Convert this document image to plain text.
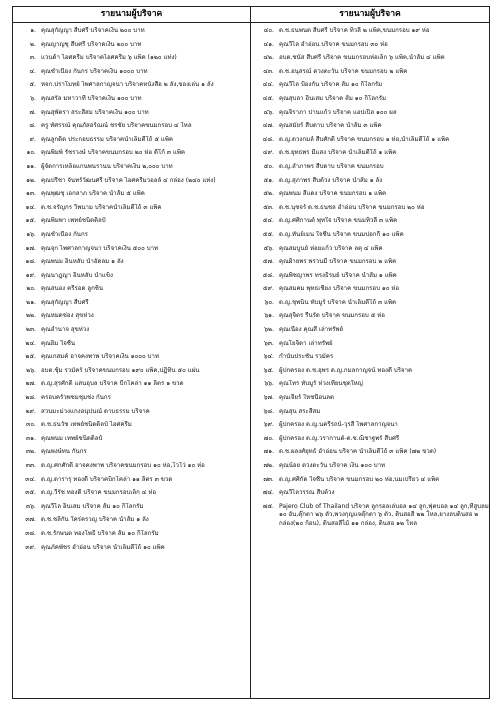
รายนามผู้บริจาค
๑. คุณสุกัญญา สืบศรี บริจาคเงิน ๒๐๐ บาท
๒. คุณญาญชุ สืบศรี บริจาคเงิน ๒๐๐ บาท
๓. แวนด้า ไอศครีม บริจาคไอศครีม ๖ แพ็ค (๑๒๐ แท่ง)
๔. คุณชำเนื้อง กันกร บริจาคเงิน ๑๐๐๐ บาท
๕. หจก.ปราโมทย์ ไพศาลกาญจนา บริจาคหนังสือ ๒ ลัง,ของเล่น ๑ ลัง
๖. คุณสรัล มหาวาที บริจาคเงิน ๑๐๐ บาท
๗. คุณสุพัตรา สระสีสม บริจาคเงิน ๑๐๐ บาท
๘. ครู ทัศรรณ์ คุณภัสอร์ณณ์ ชรชัย บริจาคขนมกรอบ ๔ โหล
๙. คุณลูกดิด ประกอบธรรม บริจาคน้ำเล็มตี้โถ้ ๕ แพ็ค
๑๐. คุณพิมพ์ รัชรวงษ์ บริจาคขนมกรอบ ๒๐ ห่อ ดีโก้ ๓ แพ็ค
๑๑. ผู้จัดการเหล็อแกนพนรานน บริจาคเงิน ๒,๐๐๐ บาท
๑๒. คุณปรีชา จันทร์วัฒนศรี บริจาค ไอศครีมวอลล์ ๔ กล่อง (๒๔๐ แท่ง)
๑๓. คุณพุฒชุ เอกลาภ บริจาค น้ำส้ม ๕ แพ็ค
๑๔. ด.ช.จรัญกร วิพนาม บริจาคน้ำเล็มตี้โถ้ ๓ แพ็ค
๑๕. คุณพิมพา เพทย์ชนิดดิลป์
๑๖. คุณชำเนื้อง กันกร
๑๗. คุณจุก ไพศาลกาญจนา บริจาคเงิน ๕๐๐ บาท
๑๘. คุณพนม อินหลับ น้ำอัดลม ๑ ลัง
๑๙. คุณนาฎญา อินหลับ น้ำแข็ง
๒๐. คุณสนอง ครีรอด ลูกชิ้น
๒๑. คุณสุกัญญา สืบศรี
๒๒. คุณหมดช่อง สุขห่วง
๒๓. คุณอำนาจ สุขห่วง
๒๔. คุณยิ้ม ใจชื่น
๒๕. คุณเกสมค์ อาจคงพาพ บริจาคเงิน ๑๐๐๐ บาท
๒๖. อบต.ชุ้ม รวมัคร์ บริจาคขนมกรอบ ๑๙๐ แพ็ค,ปฏิทิน ๕๐ แผ่น
๒๗. ด.ญ.สุรศักดิ์ แสนอุบล บริจาค บีกโคล่า ๑๑ ลิตร ๑ ขวด
๒๘. ครอบครัวพชมชุมช่ง กันกร
๒๙. สวนมะม่วงแกงอนุปนณ์ ดาบธรรม บริจาค
๓๐. ด.ช.ธนวัช เทพย์ชนิดดิลป์ ไอศครีม
๓๑. คุณพนม เทพย์ชนิดดิลป์
๓๒. คุณพงษ์ทน กันกร
๓๓. ด.ญ.ศกศักดิ์ อาจคงพาพ บริจาคขนมกรอบ ๑๐ ห่อ,โวโว่ ๑๐ ห่อ
๓๔. ด.ญ.ดารารุ ทองดี บริจาคบิ๊กโคล่า ๑๑ ลิตร ๓ ขวด
๓๕. ด.ญ.วีรัช ทองดี บริจาค ขนมกรอบเล็ก ๔ ห่อ
๓๖. คุณวีไล อินเสม บริจาค ส้ม ๑๐ กิโลกรัม
๓๗. ด.ช.ชลิกัน ใคร่ครวญ บริจาค น้ำส้ม ๑ ลัง
๓๘. ด.ช.รักษนต ทองโพธิ์ บริจาค ส้ม ๑๐ กิโลกรัม
๓๙. คุณภัคพัชร อ้ำอ่อน บริจาค น้ำเล็มตี้โถ้ ๑๐ แพ็ค
รายนามผู้บริจาค
๔๐. ด.ช.ธนพนต สืบศรี บริจาค ทิวลี่ ๒ แพ็ค,ขนมกรอบ ๑๙ ห่อ
๔๑. คุณวีไล อ้ำอ่อน บริจาค ขนมกรอบ ๓๐ ห่อ
๔๒. อบต.ชนัส สืบศรี บริจาค ขนมกรอบห่อเล็ก ๖ แพ็ค,น้ำส้ม ๔ แพ็ค
๔๓. ด.ช.อนุสรณ์ ดวงตะวัน บริจาค ขนมกรอบ ๒ แพ็ค
๔๔. คุณวีไล ป้องกัน บริจาค ส้ม ๑๐ กิโลกรัม
๔๕. คุณสุบลา อินเสม บริจาค ส้ม ๑๐ กิโลกรัม
๔๖. คุณจิราภา ปานแก้ว บริจาค แอปเปิ้ล ๑๐๐ ผล
๔๗. คุณสมัยร์ สืบดาบ บริจาค น้ำส้ม ๓ แพ็ค
๔๘. ด.ญ.ดวงกมล์ สืบศักดิ์ บริจาค ขนมกรอบ ๑ ห่อ,น้ำเล็มตี้โถ้ ๑ แพ็ค
๔๙. ด.ช.ยุทธพร มีแสง บริจาค น้ำเล็มตี้โถ้ ๑ แพ็ค
๕๐. ด.ญ.ลำภาพร สืบดาบ บริจาค ขนมกรอบ
๕๑. ด.ญ.สุภาพร สืบด้วง บริจาค น้ำส้ม ๑ ลัง
๕๒. คุณพนม สีแดง บริจาค ขนมกรอบ ๑ แพ็ค
๕๓. ด.ช.นุชจร์ ด.ช.ธนชล อ้ำอ่อน บริจาค ขนมกรอบ ๒๐ ห่อ
๕๔. ด.ญ.ศศิกานต์ พุทใจ บริจาค ขนมทิวลี่ ๓ แพ็ค
๕๕. ด.ญ.ทันย์เมน ใจชื่น บริจาค ขนมปอกกี้ ๑๐ แพ็ค
๕๖. คุณสมบูนย์ ห่อยแก้ว บริจาค ลตุ ๔ แพ็ค
๕๗. คุณฝ้ายพร พรวนมี บริจาค ขนมกรอบ ๒ แพ็ค
๕๘. คุณพิชญาพร ทรงธิรมย์ บริจาค น้ำส้ม ๑ แพ็ค
๕๙. คุณสมคม พุทธเชียง บริจาค ขนมกรอบ ๑๐ ห่อ
๖๐. ด.ญ.ชุพนิน ทับมูร์ บริจาค น้ำเล็มตี้โถ้ ๓ แพ็ค
๖๑. คุณสุจิตร รื่นรัด บริจาค ขนมกรอบ ๕ ห่อ
๖๒. คุณเนื่อง คุณสี เล่าทรัพย์
๖๓. คุณโยจิดา เล่าทรัพย์
๖๔. กำนันประชัน รวมัคร
๖๕. ผู้ปกครอง ด.ช.อุพร ด.ญ.กมลกาญจน์ ทองดี บริจาค
๖๖. คุณโทร ทับมูร์ ห่วงเทียนชุดใหญ่
๖๗. คุณเจียร์ ใหชนือนลด
๖๘. คุณสุน สระสีสม
๖๙. ผู้ปกครอง ด.ญ.นครีรถน์-วุรสี ไพศาลกาญจนา
๗๐. ผู้ปกครอง ด.ญ.วรากานต์-ด.ช.ณิชาฐพร์ สืบศรี
๗๑. ด.ช.ผลงศ์ยุทธ์ อ้ำอ่อน บริจาค น้ำเล็มตี้โถ้ ๓ แพ็ค (๗๒ ขวด)
๗๒. คุณน้อย ดวงตะวัน บริจาค เงิน ๑๐๐ บาท
๗๓. ด.ญ.ศศิกัด ใจชื่น บริจาค ขนมกรอบ ๒๐ ห่อ,นมเปรี้ยว ๔ แพ็ค
๗๔. คุณวีไลวรรณ สืบด้วง
๗๕. Pajero Club of Thailand บริจาค ลูกรอลเล่บอล ๑๔ ลูก,ฟุตบอล ๑๔ ลูก,ที่สูบลม ๑๐ อัน,ตุ๊กตา ๒๖ ตัว,พวงกุญแจตุ๊กตา ๖ ตัว, ดินสอสี ๒๒ โหล,ยางลบดินสอ ๒ กล่อง(๒๐ ก้อน), ดินสอสีไม้ ๑๑ กล่อง, ดินสอ ๑๒ โหล
